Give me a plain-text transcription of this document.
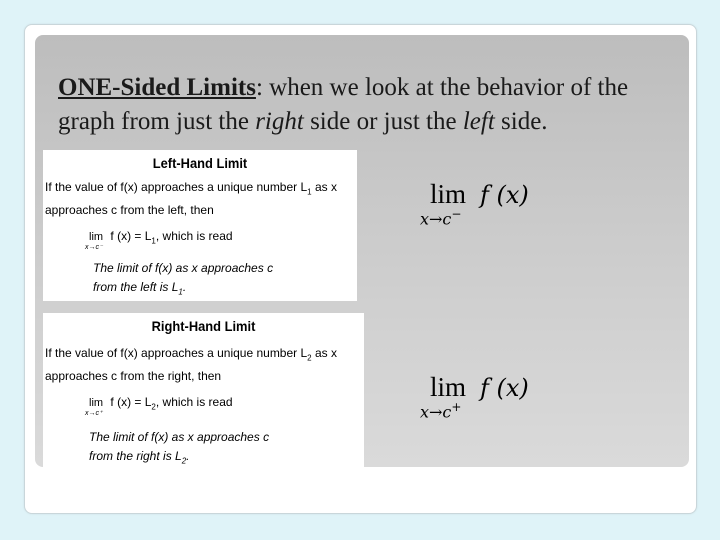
ONE-Sided Limits: when we look at the behavior of the graph from just the right side or just the left side.

Left-Hand Limit
If the value of f(x) approaches a unique number $L_1$ as x
approaches c from the left, then
lim
x→c⁻
f $(x) = L_1$, which is read
The limit of f(x) as x approaches c
from the left is $L_1$.
Right-Hand Limit
If the value of f(x) approaches a unique number $L_2$ as x
approaches c from the right, then
lim
x→c⁺
f $(x) = L_2$, which is read
The limit of f(x) as x approaches c
from the right is $L_2$.
lim f (x)
x→c−
lim f (x)
x→c+
